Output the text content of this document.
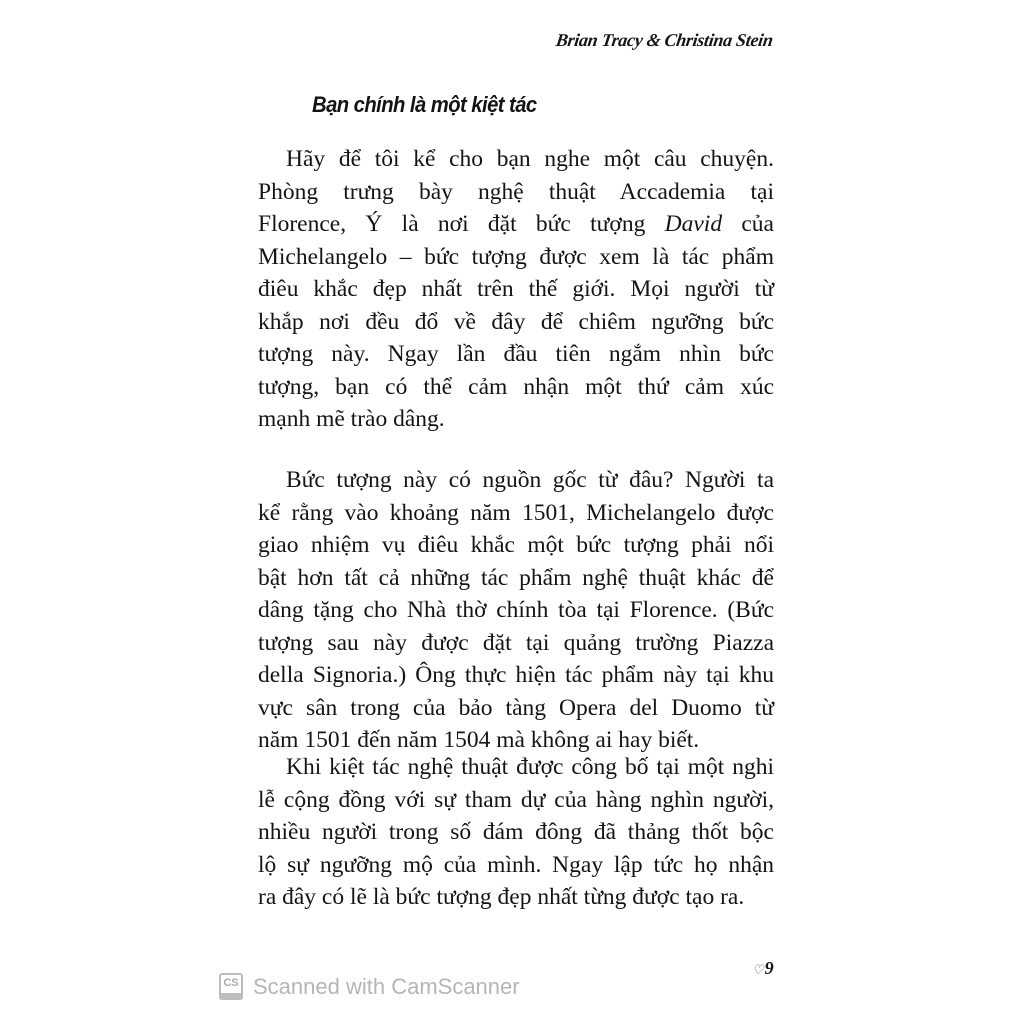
Brian Tracy & Christina Stein
Bạn chính là một kiệt tác
Hãy để tôi kể cho bạn nghe một câu chuyện.
Phòng trưng bày nghệ thuật Accademia tại
Florence, Ý là nơi đặt bức tượng David của
Michelangelo – bức tượng được xem là tác phẩm
điêu khắc đẹp nhất trên thế giới. Mọi người từ
khắp nơi đều đổ về đây để chiêm ngưỡng bức
tượng này. Ngay lần đầu tiên ngắm nhìn bức
tượng, bạn có thể cảm nhận một thứ cảm xúc
mạnh mẽ trào dâng.
Bức tượng này có nguồn gốc từ đâu? Người ta
kể rằng vào khoảng năm 1501, Michelangelo được
giao nhiệm vụ điêu khắc một bức tượng phải nổi
bật hơn tất cả những tác phẩm nghệ thuật khác để
dâng tặng cho Nhà thờ chính tòa tại Florence. (Bức
tượng sau này được đặt tại quảng trường Piazza
della Signoria.) Ông thực hiện tác phẩm này tại khu
vực sân trong của bảo tàng Opera del Duomo từ
năm 1501 đến năm 1504 mà không ai hay biết.
Khi kiệt tác nghệ thuật được công bố tại một nghi
lễ cộng đồng với sự tham dự của hàng nghìn người,
nhiều người trong số đám đông đã thảng thốt bộc
lộ sự ngưỡng mộ của mình. Ngay lập tức họ nhận
ra đây có lẽ là bức tượng đẹp nhất từng được tạo ra.
♡9
CS Scanned with CamScanner
